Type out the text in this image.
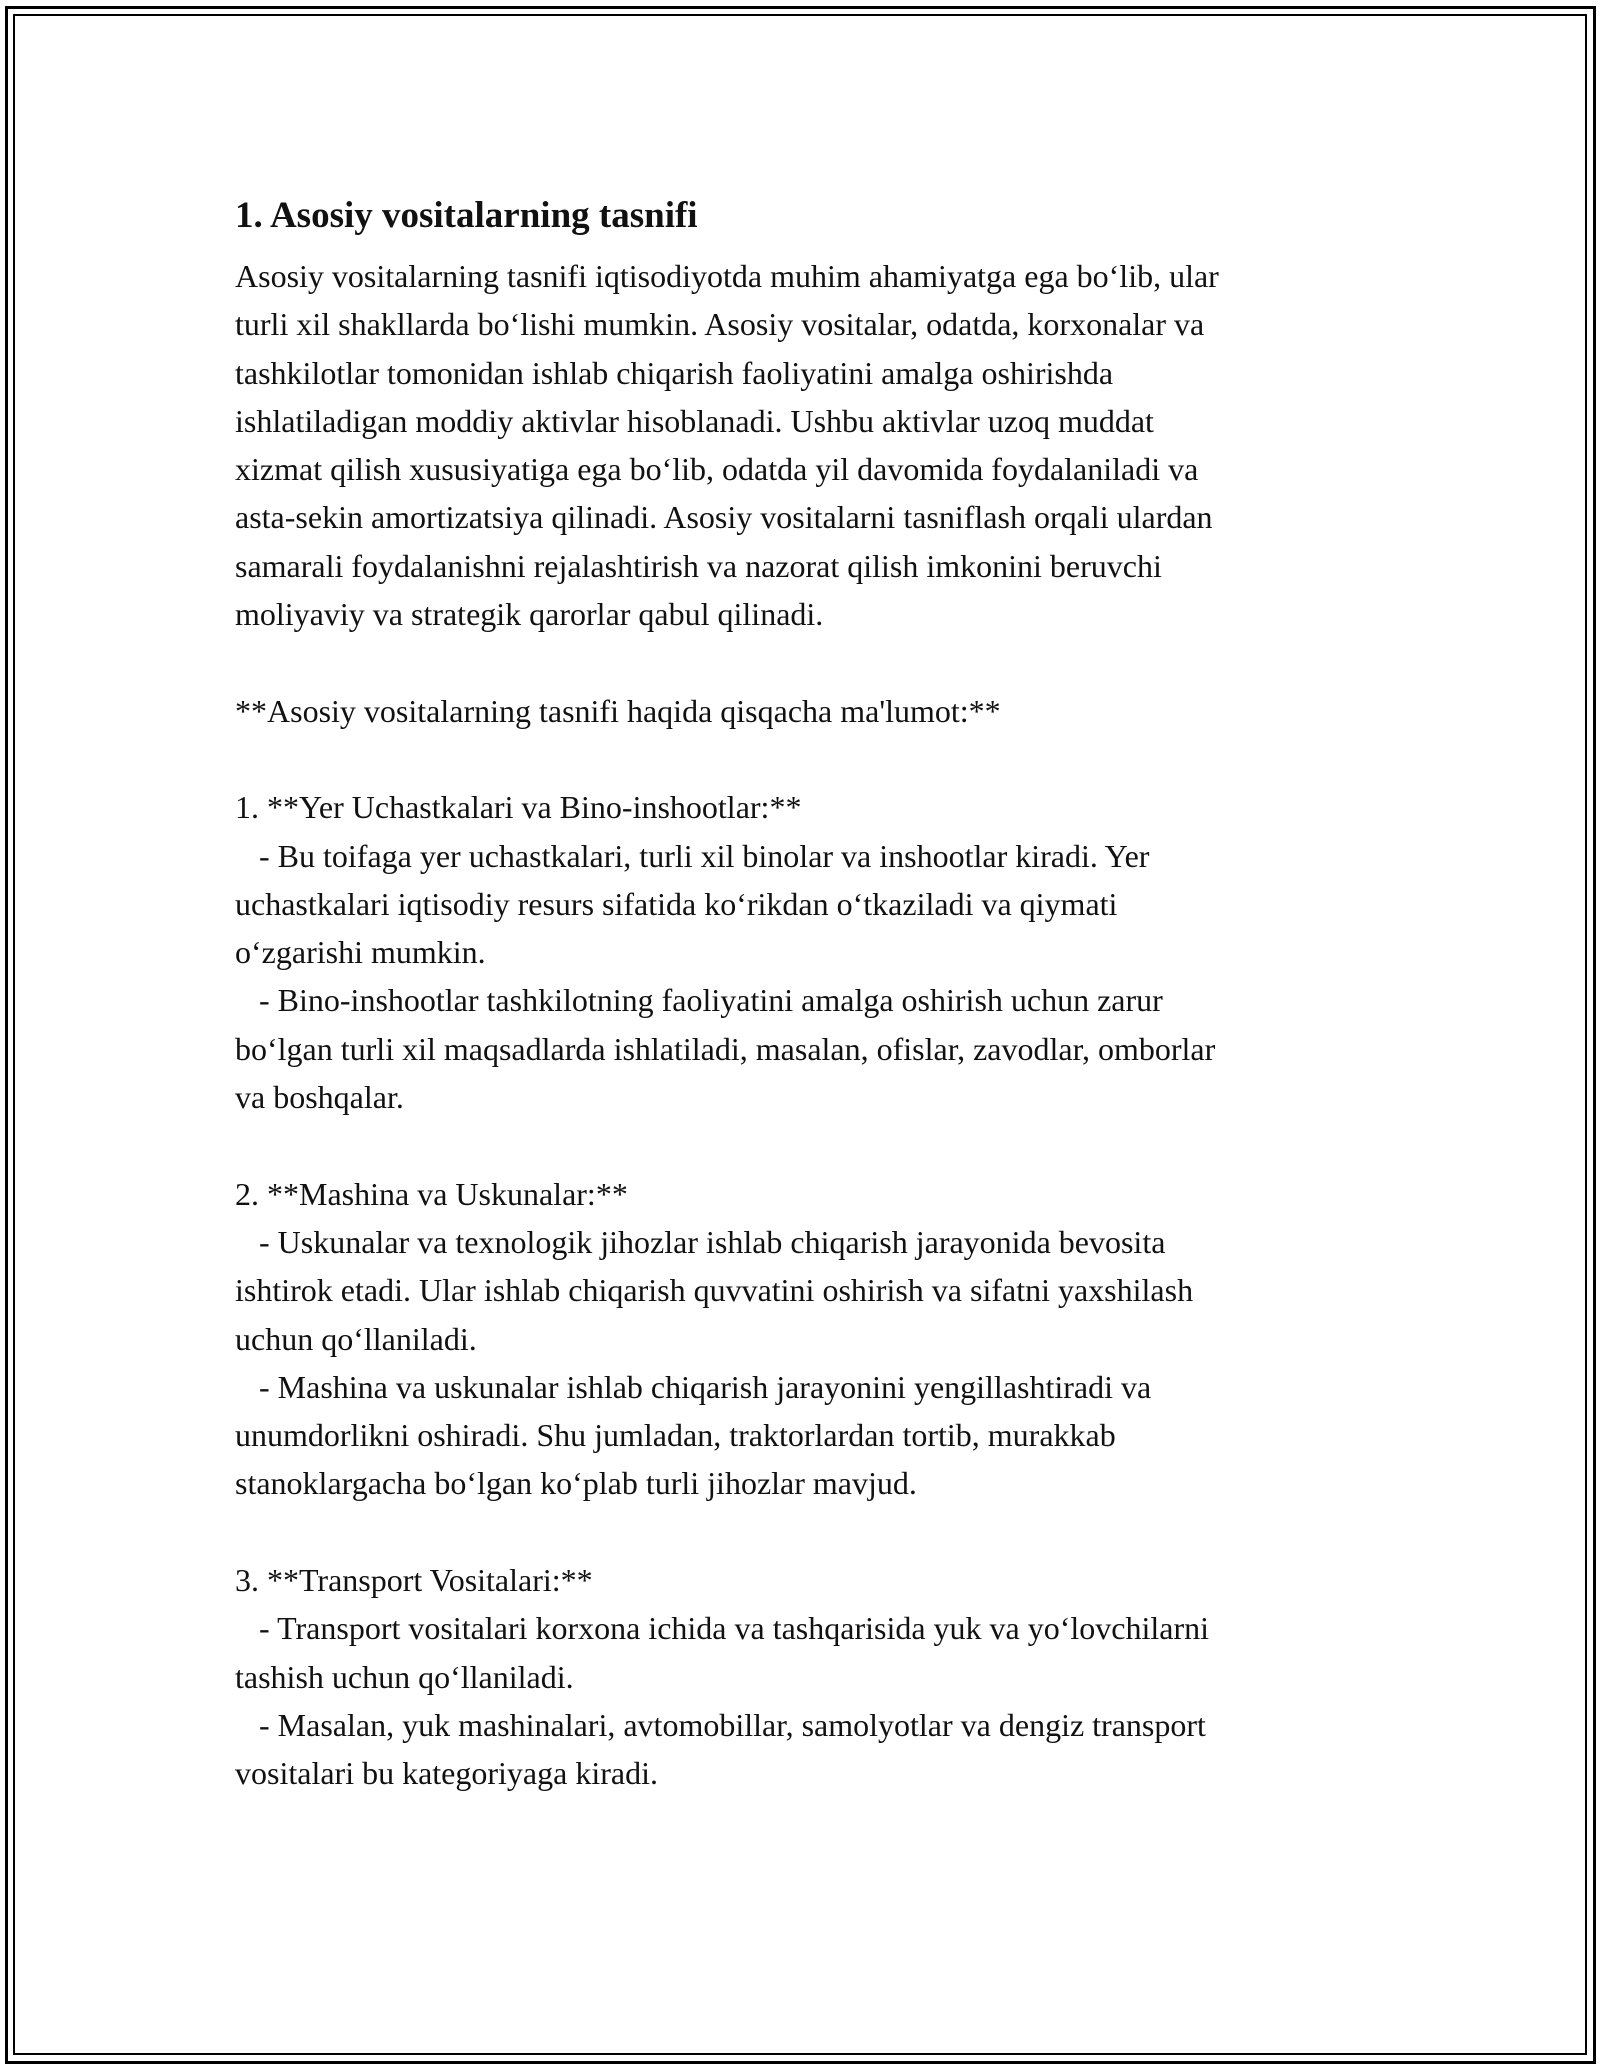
1. Asosiy vositalarning tasnifi
Asosiy vositalarning tasnifi iqtisodiyotda muhim ahamiyatga ega bo‘lib, ular
turli xil shakllarda bo‘lishi mumkin. Asosiy vositalar, odatda, korxonalar va
tashkilotlar tomonidan ishlab chiqarish faoliyatini amalga oshirishda
ishlatiladigan moddiy aktivlar hisoblanadi. Ushbu aktivlar uzoq muddat
xizmat qilish xususiyatiga ega bo‘lib, odatda yil davomida foydalaniladi va
asta-sekin amortizatsiya qilinadi. Asosiy vositalarni tasniflash orqali ulardan
samarali foydalanishni rejalashtirish va nazorat qilish imkonini beruvchi
moliyaviy va strategik qarorlar qabul qilinadi.

**Asosiy vositalarning tasnifi haqida qisqacha ma'lumot:**

1. **Yer Uchastkalari va Bino-inshootlar:**
- Bu toifaga yer uchastkalari, turli xil binolar va inshootlar kiradi. Yer
uchastkalari iqtisodiy resurs sifatida ko‘rikdan o‘tkaziladi va qiymati
o‘zgarishi mumkin.
- Bino-inshootlar tashkilotning faoliyatini amalga oshirish uchun zarur
bo‘lgan turli xil maqsadlarda ishlatiladi, masalan, ofislar, zavodlar, omborlar
va boshqalar.

2. **Mashina va Uskunalar:**
- Uskunalar va texnologik jihozlar ishlab chiqarish jarayonida bevosita
ishtirok etadi. Ular ishlab chiqarish quvvatini oshirish va sifatni yaxshilash
uchun qo‘llaniladi.
- Mashina va uskunalar ishlab chiqarish jarayonini yengillashtiradi va
unumdorlikni oshiradi. Shu jumladan, traktorlardan tortib, murakkab
stanoklargacha bo‘lgan ko‘plab turli jihozlar mavjud.

3. **Transport Vositalari:**
- Transport vositalari korxona ichida va tashqarisida yuk va yo‘lovchilarni
tashish uchun qo‘llaniladi.
- Masalan, yuk mashinalari, avtomobillar, samolyotlar va dengiz transport
vositalari bu kategoriyaga kiradi.
